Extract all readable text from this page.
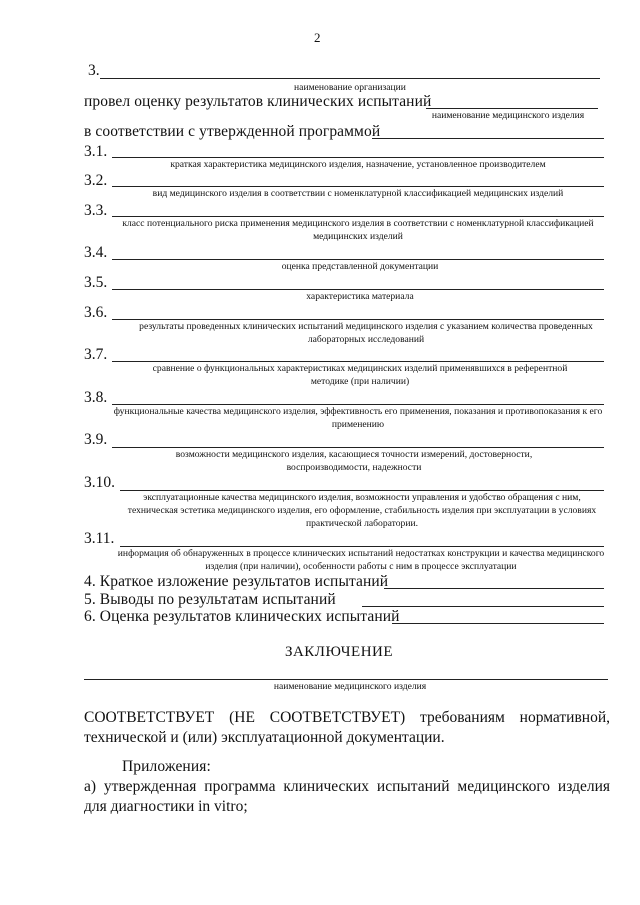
2
3.
наименование организации
провел оценку результатов клинических испытаний
наименование медицинского изделия
в соответствии с утвержденной программой
3.1.
краткая характеристика медицинского изделия, назначение, установленное производителем
3.2.
вид медицинского изделия в соответствии с номенклатурной классификацией медицинских изделий
3.3.
класс потенциального риска применения медицинского изделия в соответствии с номенклатурной классификацией медицинских изделий
3.4.
оценка представленной документации
3.5.
характеристика материала
3.6.
результаты проведенных клинических испытаний медицинского изделия с указанием количества проведенных лабораторных исследований
3.7.
сравнение о функциональных характеристиках медицинских изделий применявшихся в референтной методике (при наличии)
3.8.
функциональные качества медицинского изделия, эффективность его применения, показания и противопоказания к его применению
3.9.
возможности медицинского изделия, касающиеся точности измерений, достоверности, воспроизводимости, надежности
3.10.
эксплуатационные качества медицинского изделия, возможности управления и удобство обращения с ним, техническая эстетика медицинского изделия, его оформление, стабильность изделия при эксплуатации в условиях практической лаборатории.
3.11.
информация об обнаруженных в процессе клинических испытаний недостатках конструкции и качества медицинского изделия (при наличии), особенности работы с ним в процессе эксплуатации
4. Краткое изложение результатов испытаний
5. Выводы по результатам испытаний
6. Оценка результатов клинических испытаний
ЗАКЛЮЧЕНИЕ
наименование медицинского изделия
СООТВЕТСТВУЕТ (НЕ СООТВЕТСТВУЕТ) требованиям нормативной, технической и (или) эксплуатационной документации.
Приложения:
а) утвержденная программа клинических испытаний медицинского изделия для диагностики in vitro;
